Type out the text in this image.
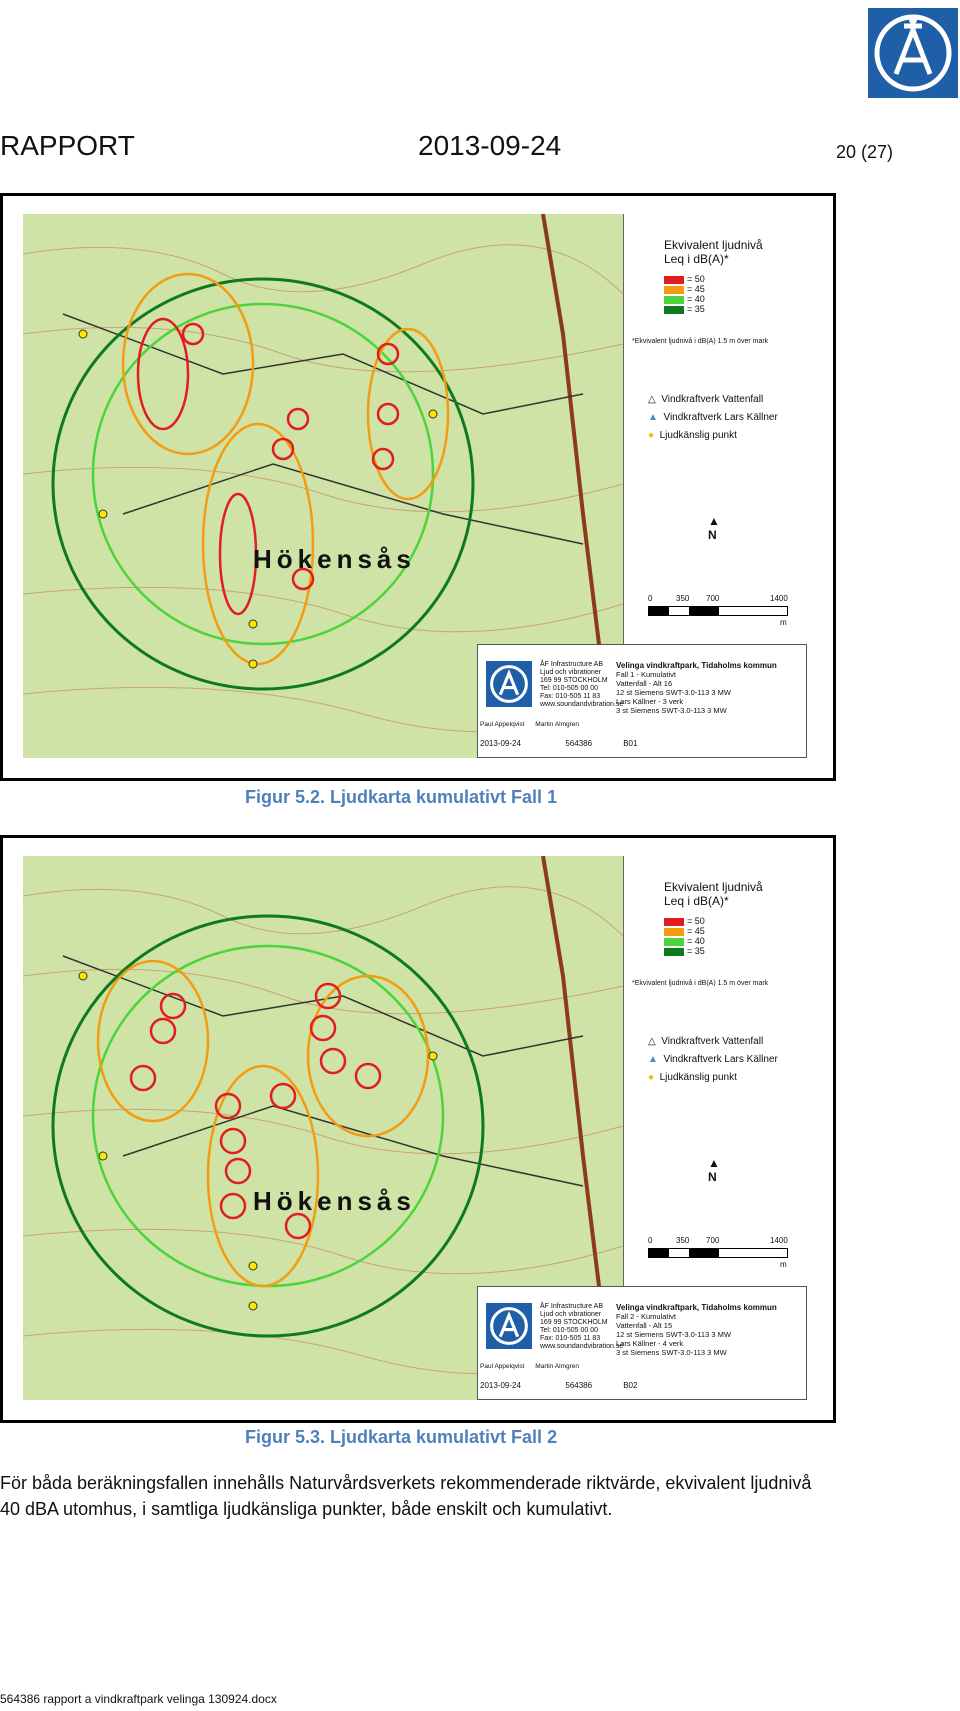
RAPPORT	2013-09-24	20 (27)
Hökensås
Ekvivalent ljudnivå
Leq i dB(A)*
= 50
= 45
= 40
= 35
*Ekvivalent ljudnivå i dB(A) 1.5 m över mark
△ Vindkraftverk Vattenfall
▲ Vindkraftverk Lars Källner
● Ljudkänslig punkt
▲
N
0	350 700	1400
m
ÅF Infrastructure AB
Ljud och vibrationer
169 99 STOCKHOLM
Tel: 010-505 00 00
Fax: 010-505 11 83
www.soundandvibration.se
Velinga vindkraftpark, Tidaholms kommun
Fall 1 - Kumulativt
Vattenfall - Alt 16
12 st Siemens SWT-3.0-113 3 MW
Lars Källner - 3 verk
3 st Siemens SWT-3.0-113 3 MW
Paul Appelqvist Martin Almgren
2013-09-24	564386	B01
Figur 5.2. Ljudkarta kumulativt Fall 1
Hökensås
Ekvivalent ljudnivå
Leq i dB(A)*
= 50
= 45
= 40
= 35
*Ekvivalent ljudnivå i dB(A) 1.5 m över mark
△ Vindkraftverk Vattenfall
▲ Vindkraftverk Lars Källner
● Ljudkänslig punkt
▲
N
0	350 700	1400
m
ÅF Infrastructure AB
Ljud och vibrationer
169 99 STOCKHOLM
Tel: 010-505 00 00
Fax: 010-505 11 83
www.soundandvibration.se
Velinga vindkraftpark, Tidaholms kommun
Fall 2 - Kumulativt
Vattenfall - Alt 15
12 st Siemens SWT-3.0-113 3 MW
Lars Källner - 4 verk
3 st Siemens SWT-3.0-113 3 MW
Paul Appelqvist Martin Almgren
2013-09-24	564386	B02
Figur 5.3. Ljudkarta kumulativt Fall 2
För båda beräkningsfallen innehålls Naturvårdsverkets rekommenderade riktvärde, ekvivalent ljudnivå 40 dBA utomhus, i samtliga ljudkänsliga punkter, både enskilt och kumulativt.
564386 rapport a vindkraftpark velinga 130924.docx
